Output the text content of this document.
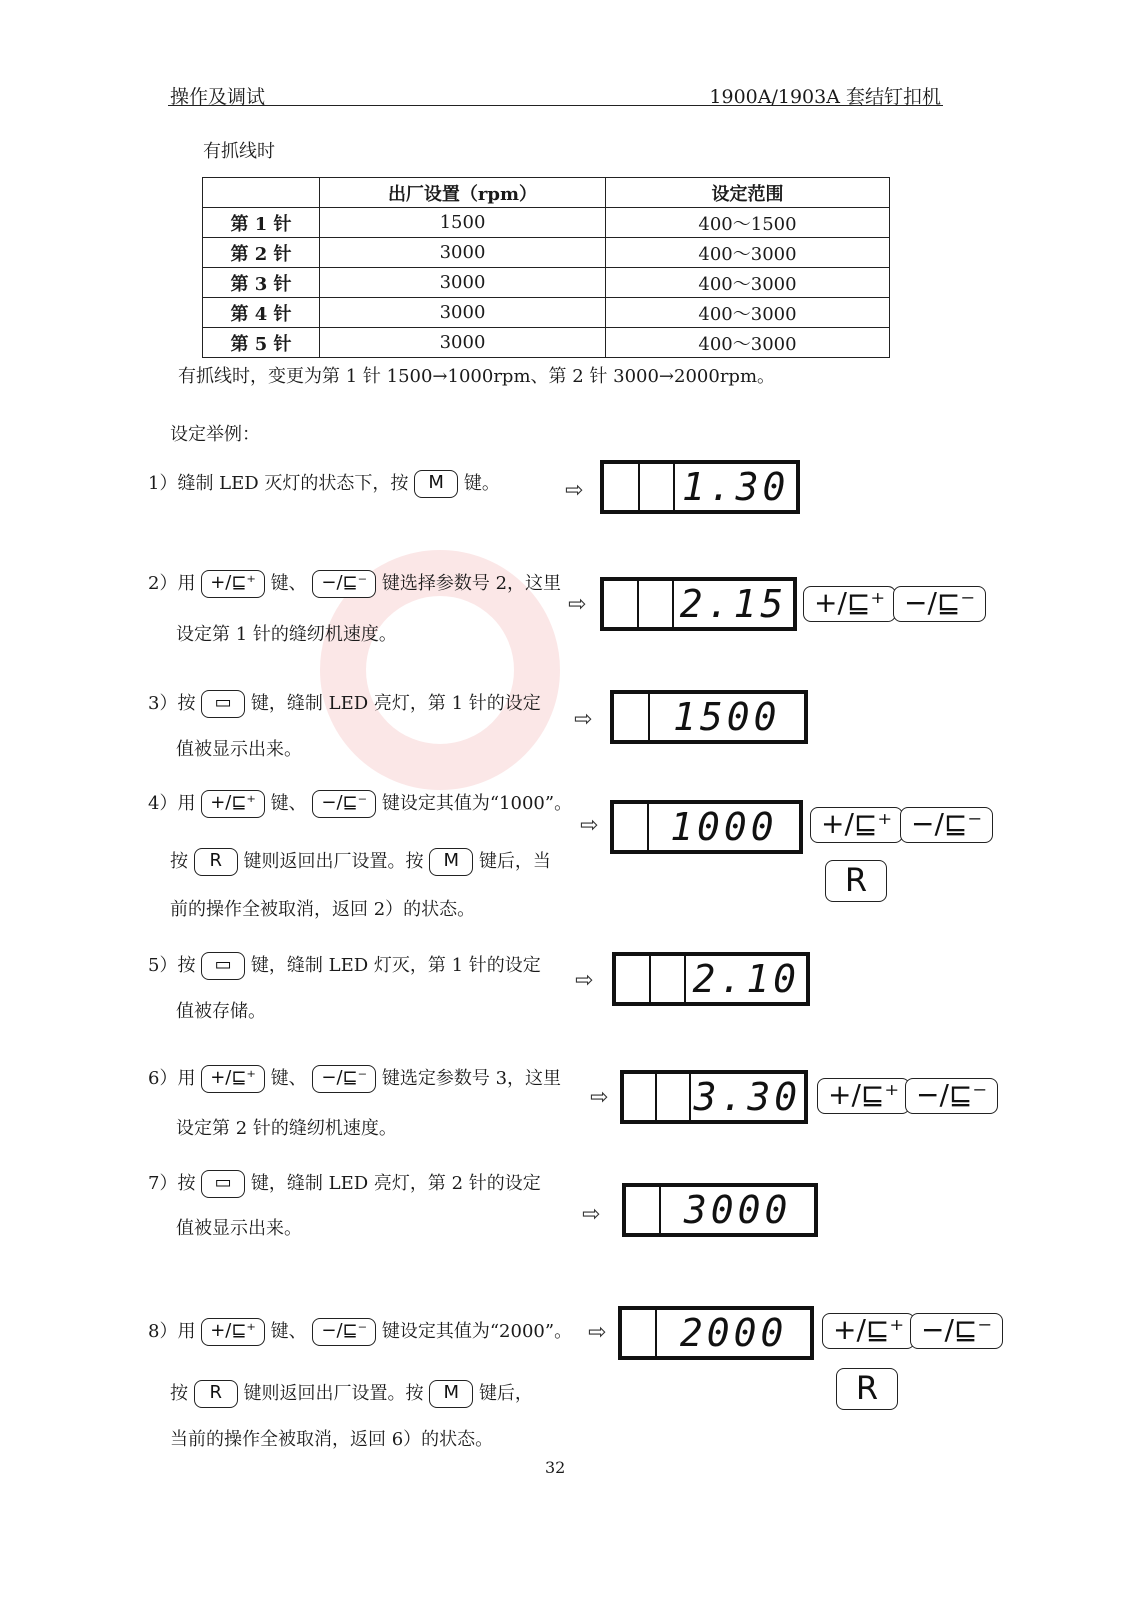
操作及调试	1900A/1903A 套结钉扣机
有抓线时
	出厂设置（rpm）	设定范围
第 1 针	1500	400～1500
第 2 针	3000	400～3000
第 3 针	3000	400～3000
第 4 针	3000	400～3000
第 5 针	3000	400～3000
有抓线时，变更为第 1 针 1500→1000rpm、第 2 针 3000→2000rpm。
设定举例：
1）缝制 LED 灭灯的状态下，按 M 键。	⇨	1.30
2）用 +/⊑⁺ 键、 −/⊑⁻ 键选择参数号 2，这里
设定第 1 针的缝纫机速度。
⇨ 2.15 +/⊑⁺ −/⊑⁻
3）按 ▭ 键，缝制 LED 亮灯，第 1 针的设定
值被显示出来。
⇨	1500
4）用 +/⊑⁺ 键、 −/⊑⁻ 键设定其值为“1000”。
按 R 键则返回出厂设置。按 M 键后，当
前的操作全被取消，返回 2）的状态。
⇨	1000	+/⊑⁺ −/⊑⁻
R
5）按 ▭ 键，缝制 LED 灯灭，第 1 针的设定
值被存储。
⇨	2.10
6）用 +/⊑⁺ 键、 −/⊑⁻ 键选定参数号 3，这里
设定第 2 针的缝纫机速度。
⇨ 3.30 +/⊑⁺ −/⊑⁻
7）按 ▭ 键，缝制 LED 亮灯，第 2 针的设定
值被显示出来。
⇨	3000
8）用 +/⊑⁺ 键、 −/⊑⁻ 键设定其值为“2000”。
按 R 键则返回出厂设置。按 M 键后，
当前的操作全被取消，返回 6）的状态。
⇨	2000	+/⊑⁺ −/⊑⁻
R
32
